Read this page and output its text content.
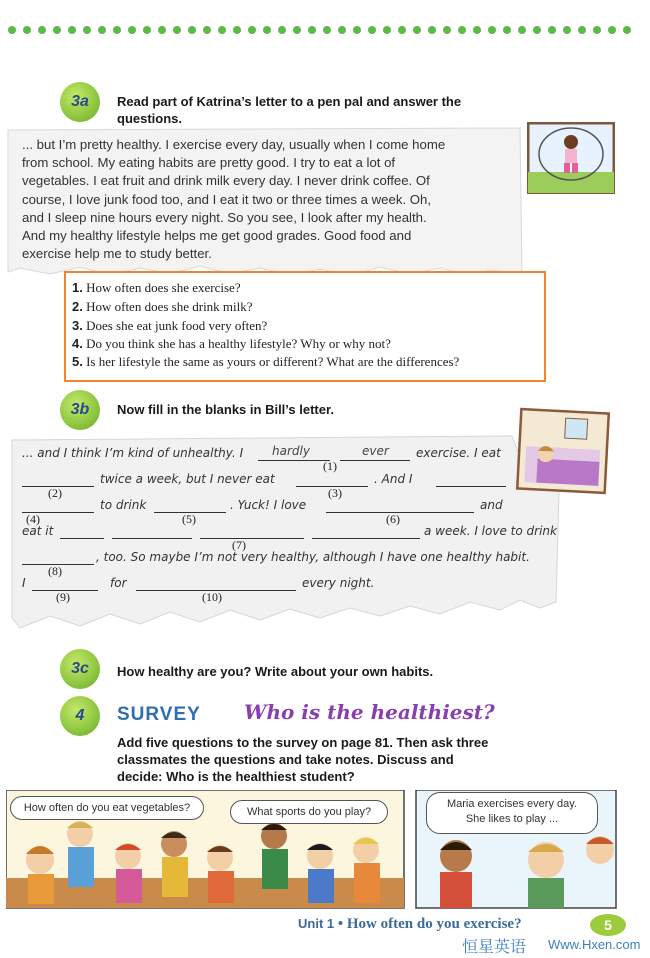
3a	Read part of Katrina’s letter to a pen pal and answer the
questions.
... but I’m pretty healthy. I exercise every day, usually when I come home
from school. My eating habits are pretty good. I try to eat a lot of
vegetables. I eat fruit and drink milk every day. I never drink coffee. Of
course, I love junk food too, and I eat it two or three times a week. Oh,
and I sleep nine hours every night. So you see, I look after my health.
And my healthy lifestyle helps me get good grades. Good food and
exercise help me to study better.
1. How often does she exercise?
2. How often does she drink milk?
3. Does she eat junk food very often?
4. Do you think she has a healthy lifestyle? Why or why not?
5. Is her lifestyle the same as yours or different? What are the differences?
3b	Now fill in the blanks in Bill’s letter.
... and I think I’m kind of unhealthy. I hardly	ever exercise. I eat
(1)
twice a week, but I never eat	. And I
(2)	(3)
to drink	. Yuck! I love	and
(4)	(5)	(6)
eat it	a week. I love to drink
(7)
, too. So maybe I’m not very healthy, although I have one healthy habit.
(8)
I	for	every night.
(9)	(10)
3c	How healthy are you? Write about your own habits.
4	SURVEY Who is the healthiest?
Add five questions to the survey on page 81. Then ask three
classmates the questions and take notes. Discuss and
decide: Who is the healthiest student?
How often do you eat vegetables?	What sports do you play?
Maria exercises every day.
She likes to play ...
Unit 1 • How often do you exercise?	5
恒星英语 Www.Hxen.com
